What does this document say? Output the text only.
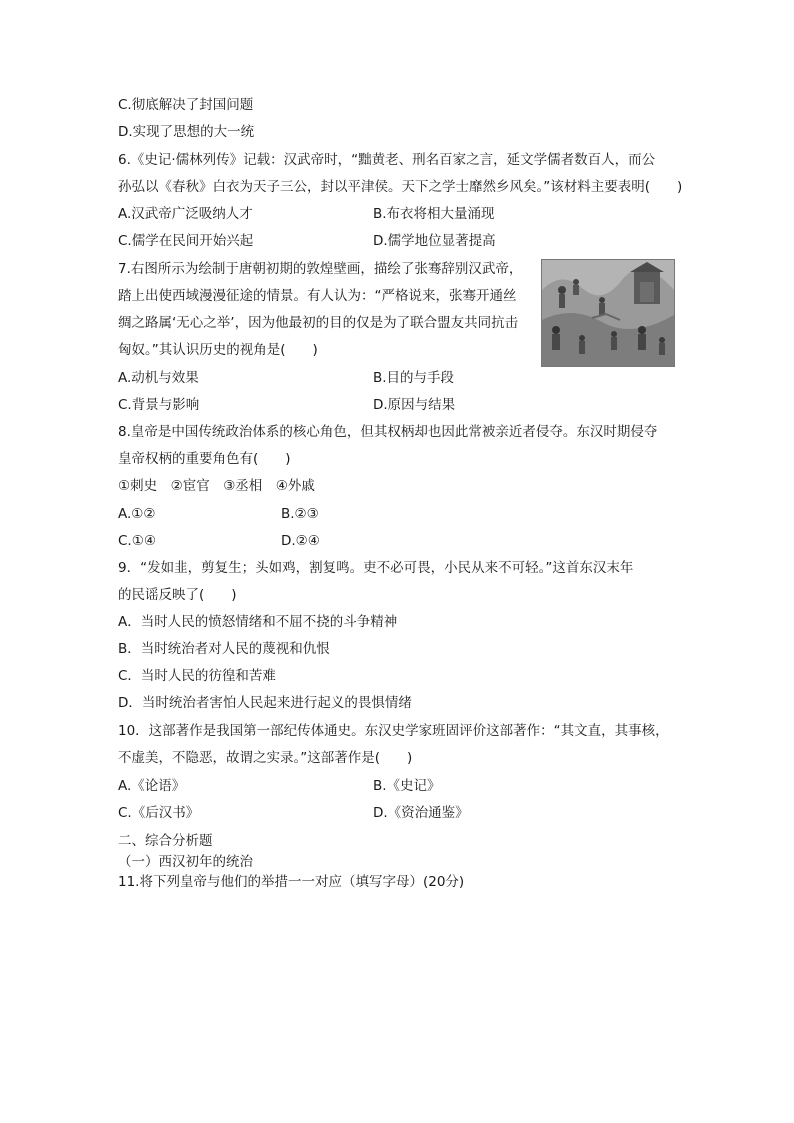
C.彻底解决了封国问题
D.实现了思想的大一统
6.《史记·儒林列传》记载：汉武帝时，“黜黄老、刑名百家之言，延文学儒者数百人，而公
孙弘以《春秋》白衣为天子三公，封以平津侯。天下之学士靡然乡风矣。”该材料主要表明(　　)
A.汉武帝广泛吸纳人才	B.布衣将相大量涌现
C.儒学在民间开始兴起	D.儒学地位显著提高
7.右图所示为绘制于唐朝初期的敦煌壁画，描绘了张骞辞别汉武帝，
踏上出使西域漫漫征途的情景。有人认为：“严格说来，张骞开通丝
绸之路属‘无心之举’，因为他最初的目的仅是为了联合盟友共同抗击
匈奴。”其认识历史的视角是(　　)
A.动机与效果	B.目的与手段
C.背景与影响	D.原因与结果
8.皇帝是中国传统政治体系的核心角色，但其权柄却也因此常被亲近者侵夺。东汉时期侵夺
皇帝权柄的重要角色有(　　)
①刺史　②宦官　③丞相　④外戚
A.①②	B.②③
C.①④	D.②④
9．“发如韭，剪复生；头如鸡，割复鸣。吏不必可畏，小民从来不可轻。”这首东汉末年
的民谣反映了(　　)
A．当时人民的愤怒情绪和不屈不挠的斗争精神
B．当时统治者对人民的蔑视和仇恨
C．当时人民的彷徨和苦难
D．当时统治者害怕人民起来进行起义的畏惧情绪
10．这部著作是我国第一部纪传体通史。东汉史学家班固评价这部著作：“其文直，其事核，
不虚美，不隐恶，故谓之实录。”这部著作是(　　)
A.《论语》	B.《史记》
C.《后汉书》	D.《资治通鉴》
二、综合分析题
（一）西汉初年的统治
11.将下列皇帝与他们的举措一一对应（填写字母）(20分)
